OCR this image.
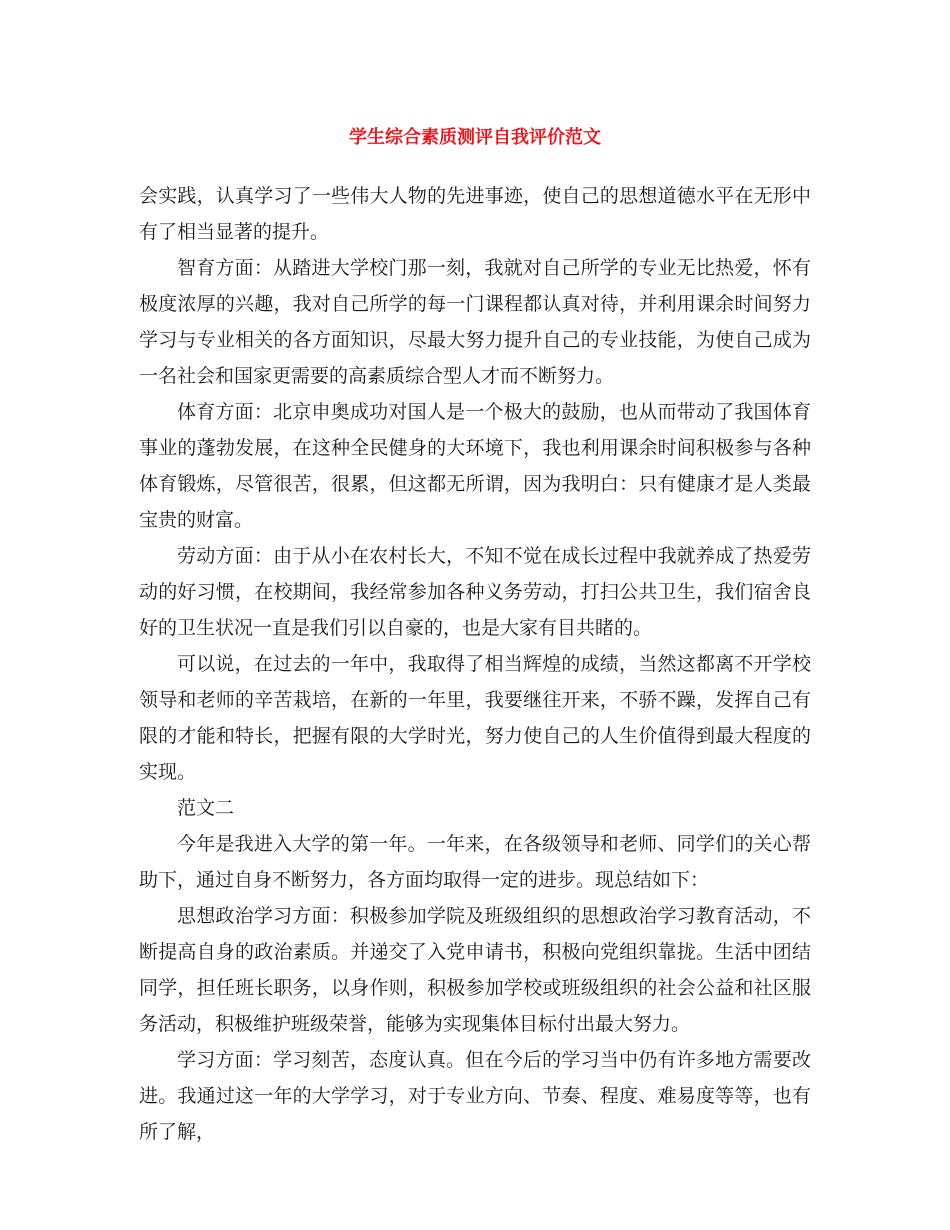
学生综合素质测评自我评价范文

会实践，认真学习了一些伟大人物的先进事迹，使自己的思想道德水平在无形中有了相当显著的提升。

智育方面：从踏进大学校门那一刻，我就对自己所学的专业无比热爱，怀有极度浓厚的兴趣，我对自己所学的每一门课程都认真对待，并利用课余时间努力学习与专业相关的各方面知识，尽最大努力提升自己的专业技能，为使自己成为一名社会和国家更需要的高素质综合型人才而不断努力。

体育方面：北京申奥成功对国人是一个极大的鼓励，也从而带动了我国体育事业的蓬勃发展，在这种全民健身的大环境下，我也利用课余时间积极参与各种体育锻炼，尽管很苦，很累，但这都无所谓，因为我明白：只有健康才是人类最宝贵的财富。

劳动方面：由于从小在农村长大，不知不觉在成长过程中我就养成了热爱劳动的好习惯，在校期间，我经常参加各种义务劳动，打扫公共卫生，我们宿舍良好的卫生状况一直是我们引以自豪的，也是大家有目共睹的。

可以说，在过去的一年中，我取得了相当辉煌的成绩，当然这都离不开学校领导和老师的辛苦栽培，在新的一年里，我要继往开来，不骄不躁，发挥自己有限的才能和特长，把握有限的大学时光，努力使自己的人生价值得到最大程度的实现。

范文二

今年是我进入大学的第一年。一年来，在各级领导和老师、同学们的关心帮助下，通过自身不断努力，各方面均取得一定的进步。现总结如下：

思想政治学习方面：积极参加学院及班级组织的思想政治学习教育活动，不断提高自身的政治素质。并递交了入党申请书，积极向党组织靠拢。生活中团结同学，担任班长职务，以身作则，积极参加学校或班级组织的社会公益和社区服务活动，积极维护班级荣誉，能够为实现集体目标付出最大努力。

学习方面：学习刻苦，态度认真。但在今后的学习当中仍有许多地方需要改进。我通过这一年的大学学习，对于专业方向、节奏、程度、难易度等等，也有所了解，
